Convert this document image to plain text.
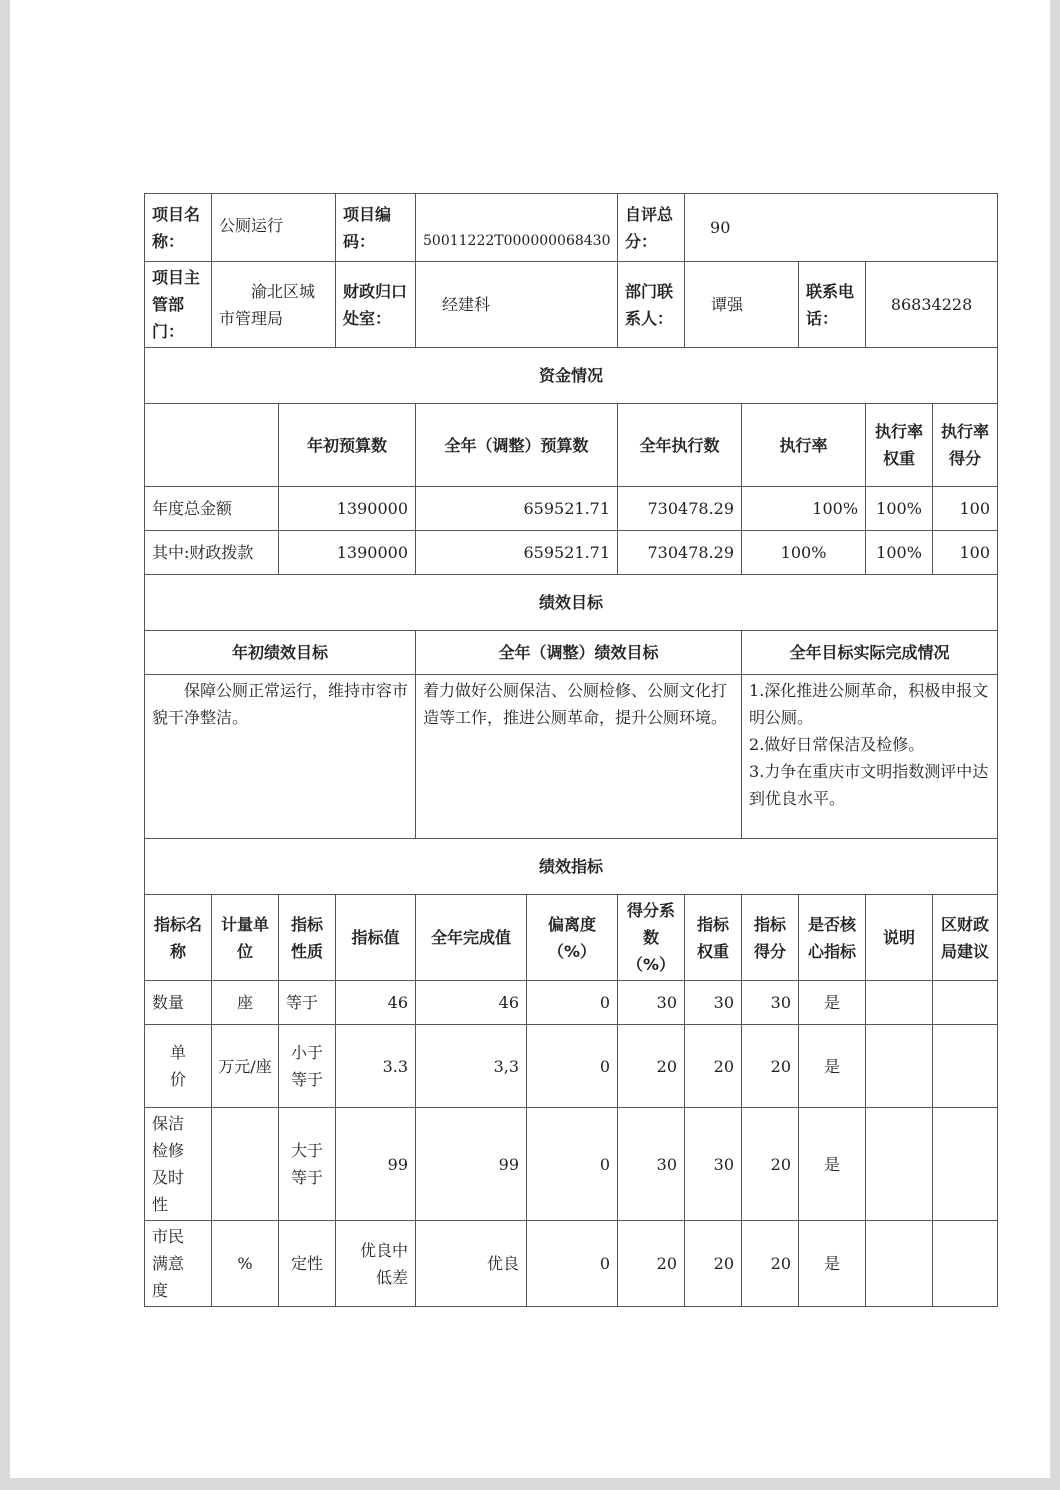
项目名称：	公厕运行		项目编码：	50011222T000000068430		自评总分：	90				
项目主管部门：	渝北区城市管理局		财政归口处室：	经建科		部门联系人：	谭强		联系电话：	86834228	
资金情况											
		年初预算数		全年（调整）预算数		全年执行数		执行率		执行率权重	执行率得分
年度总金额		1390000		659521.71		730478.29		100%		100%	100
其中:财政拨款		1390000		659521.71		730478.29		100%		100%	100
绩效目标											
年初绩效目标				全年（调整）绩效目标				全年目标实际完成情况			
保障公厕正常运行，维持市容市貌干净整洁。				着力做好公厕保洁、公厕检修、公厕文化打造等工作，推进公厕革命，提升公厕环境。				1.深化推进公厕革命，积极申报文明公厕。

2.做好日常保洁及检修。

3.力争在重庆市文明指数测评中达到优良水平。			

绩效指标											
指标名称	计量单位	指标性质	指标值	全年完成值	偏离度（%）	得分系数（%）	指标权重	指标得分	是否核心指标	说明	区财政局建议
数量	座	等于	46	46	0	30	30	30	是		
单价	万元/座	小于等于	3.3	3,3	0	20	20	20	是		
保洁检修及时性		大于等于	99	99	0	30	30	20	是		
市民满意度	%	定性	优良中低差	优良	0	20	20	20	是		
